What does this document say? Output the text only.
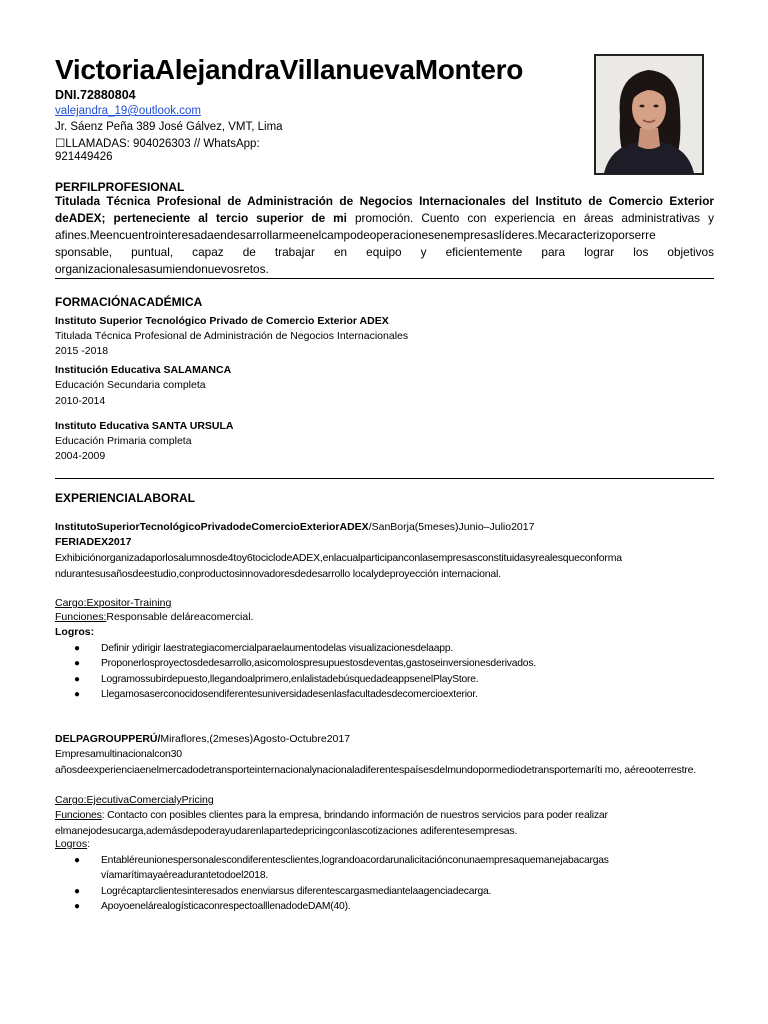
VictoriaAlejandraVillanuevaMontero
DNI.72880804
valejandra_19@outlook.com
Jr. Sáenz Peña 389 José Gálvez, VMT, Lima
☐LLAMADAS: 904026303 // WhatsApp:
921449426
PERFILPROFESIONAL
Titulada Técnica Profesional de Administración de Negocios Internacionales del Instituto de Comercio Exterior deADEX; perteneciente al tercio superior de mi promoción. Cuento con experiencia en áreas administrativas y afines.Meencuentrointeresadaendesarrollarmeenelcampodeoperacionesenempresaslíderes.Mecaracterizoporserre sponsable, puntual, capaz de trabajar en equipo y eficientemente para lograr los objetivos organizacionalesasumiendonuevosretos.
FORMACIÓNACADÉMICA
Instituto Superior Tecnológico Privado de Comercio Exterior ADEX
Titulada Técnica Profesional de Administración de Negocios Internacionales
2015 -2018
Institución Educativa SALAMANCA
Educación Secundaria completa
2010-2014
Instituto Educativa SANTA URSULA
Educación Primaria completa
2004-2009
EXPERIENCIALABORAL
InstitutoSuperiorTecnológicoPrivadodeComercioExteriorADEX/SanBorja(5meses)Junio–Julio2017
FERIADEX2017
Exhibiciónorganizadaporlosalumnosde4toy6tociclodeADEX,enlacualparticipanconlasempresasconstituidasyrealesqueconforma ndurantesusañosdeestudio,conproductosinnovadoresdedesarrollo localydeproyección internacional.
Cargo:Expositor-Training
Funciones:Responsable deláreacomercial.
Logros:
● Definir ydirigir laestrategiacomercialparaelaumentodelas visualizacionesdelaapp.
● Proponerlosproyectosdedesarrollo,asicomolospresupuestosdeventas,gastoseinversionesderivados.
● Logramossubirdepuesto,llegandoalprimero,enlalistadebúsquedadeappsenelPlayStore.
● Llegamosaserconocidosendiferentesuniversidadesenlasfacultadesdecomercioexterior.
DELPAGROUPPERÚ/Miraflores,(2meses)Agosto-Octubre2017
Empresamultinacionalcon30 añosdeexperienciaenelmercadodetransporteinternacionalynacionaladiferentespaísesdelmundopormediodetransportemaríti mo, aéreooterrestre.
Cargo:EjecutivaComercialyPricing
Funciones: Contacto con posibles clientes para la empresa, brindando información de nuestros servicios para poder realizar elmanejodesucarga,ademásdepoderayudarenlapartedepricingconlascotizaciones adiferentesempresas.
Logros:
● Entabléreunionespersonalescondiferentesclientes,lograndoacordarunalicitaciónconunaempresaquemanejabacargas víamarítimayaéreadurantetodoel2018.
● Logrécaptarclientesinteresados enenviarsus diferentescargasmediantelaagenciadecarga.
● ApoyoenelárealogísticaconrespectoalllenadodeDAM(40).
